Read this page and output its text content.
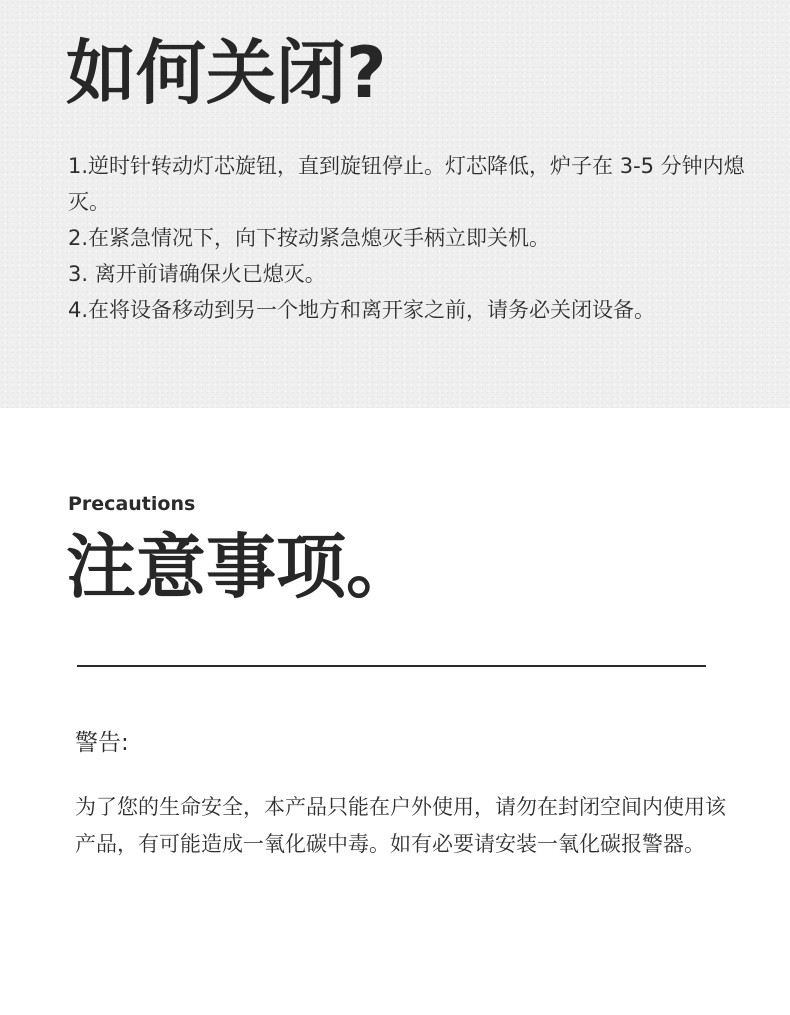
如何关闭?
1.逆时针转动灯芯旋钮，直到旋钮停止。灯芯降低，炉子在 3-5 分钟内熄灭。
2.在紧急情况下，向下按动紧急熄灭手柄立即关机。
3. 离开前请确保火已熄灭。
4.在将设备移动到另一个地方和离开家之前，请务必关闭设备。
Precautions
注意事项。
警告:

为了您的生命安全，本产品只能在户外使用，请勿在封闭空间内使用该产品，有可能造成一氧化碳中毒。如有必要请安装一氧化碳报警器。
